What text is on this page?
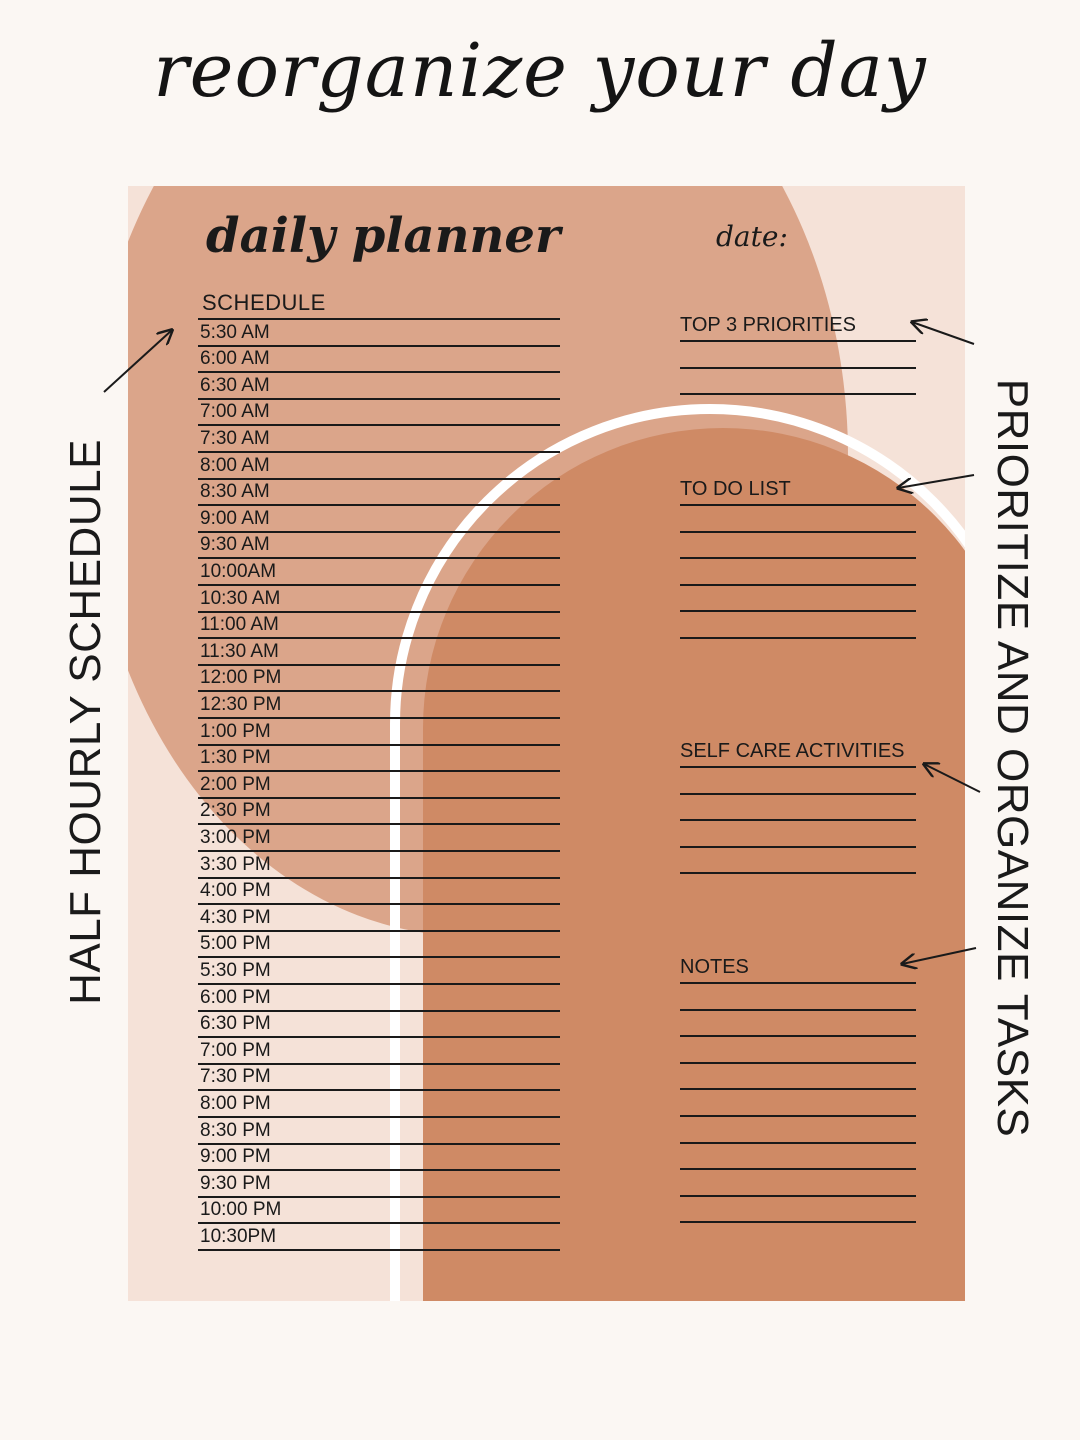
reorganize your day
daily planner	date:
SCHEDULE
5:30 AM
6:00 AM
6:30 AM
7:00 AM
7:30 AM
8:00 AM
8:30 AM
9:00 AM
9:30 AM
10:00AM
10:30 AM
11:00 AM
11:30 AM
12:00 PM
12:30 PM
1:00 PM
1:30 PM
2:00 PM
2:30 PM
3:00 PM
3:30 PM
4:00 PM
4:30 PM
5:00 PM
5:30 PM
6:00 PM
6:30 PM
7:00 PM
7:30 PM
8:00 PM
8:30 PM
9:00 PM
9:30 PM
10:00 PM
10:30PM
TOP 3 PRIORITIES
TO DO LIST
SELF CARE ACTIVITIES
NOTES
HALF HOURLY SCHEDULE	PRIORITIZE AND ORGANIZE TASKS
